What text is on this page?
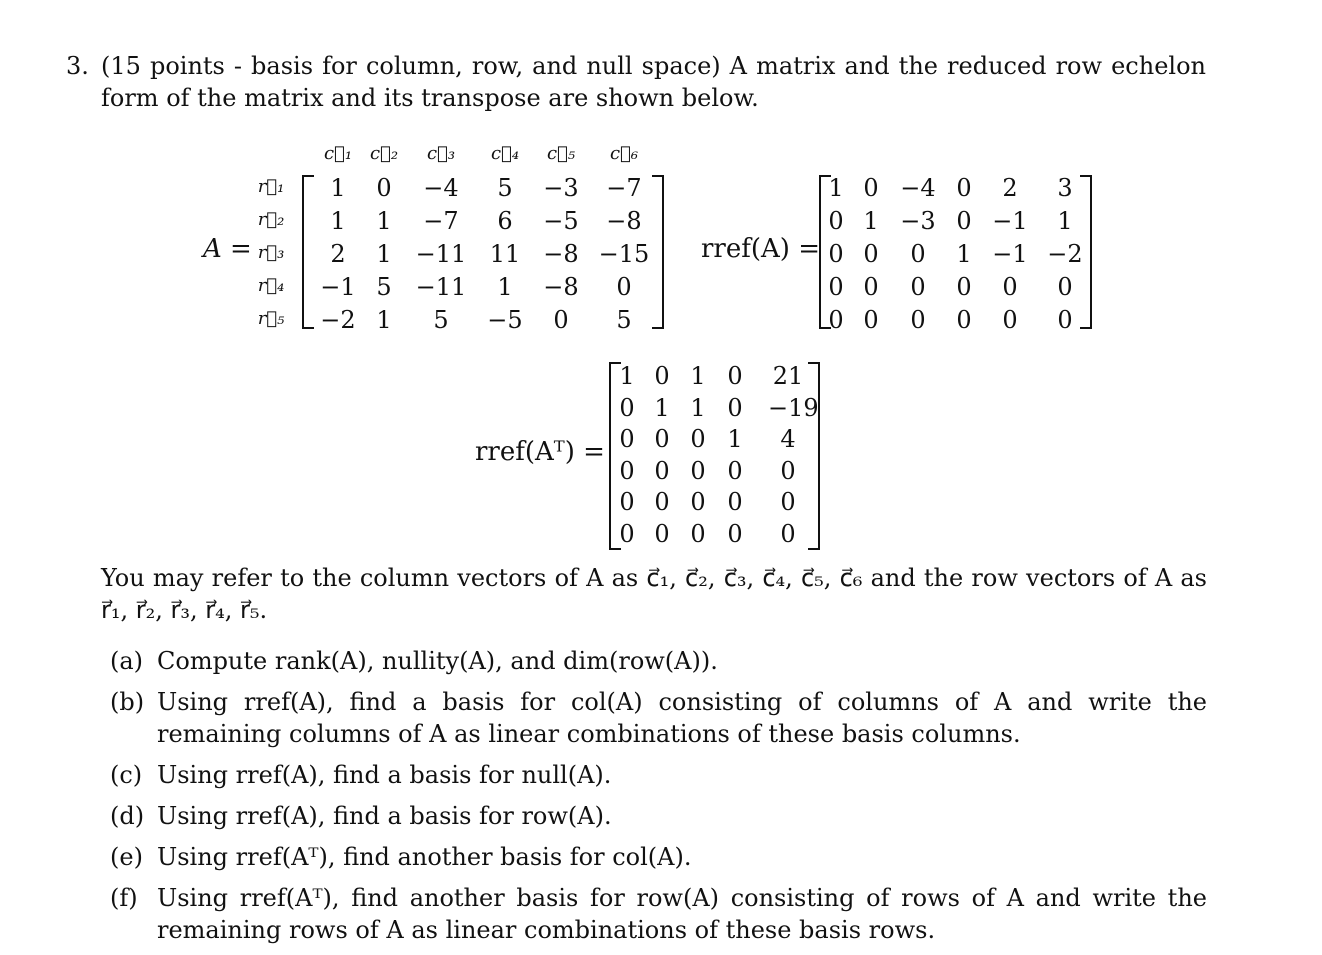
3. (15 points - basis for column, row, and null space) A matrix and the reduced row echelon form of the matrix and its transpose are shown below.
A =
c⃗₁ c⃗₂	c⃗₃	c⃗₄	c⃗₅	c⃗₆
r⃗₁
r⃗₂
r⃗₃
r⃗₄
r⃗₅
1	0	−4	5	−3	−7
1	1	−7	6	−5	−8
2	1	−11 11 −8 −15
−1 5	−11	1	−8	0
−2 1	5	−5	0	5
rref(A) =
1 0 −4 0	2	3
0 1 −3 0 −1	1
0 0	0	1 −1 −2
0 0	0	0	0	0
0 0	0	0	0	0
rref(Aᵀ) =
1 0 1 0	21
0 1 1 0	−19
0 0 0 1	4
0 0 0 0	0
0 0 0 0	0
0 0 0 0	0
You may refer to the column vectors of A as c⃗₁, c⃗₂, c⃗₃, c⃗₄, c⃗₅, c⃗₆ and the row vectors of A as r⃗₁, r⃗₂, r⃗₃, r⃗₄, r⃗₅.
(a) Compute rank(A), nullity(A), and dim(row(A)).
(b) Using rref(A), find a basis for col(A) consisting of columns of A and write the remaining columns of A as linear combinations of these basis columns.
(c) Using rref(A), find a basis for null(A).
(d) Using rref(A), find a basis for row(A).
(e) Using rref(Aᵀ), find another basis for col(A).
(f) Using rref(Aᵀ), find another basis for row(A) consisting of rows of A and write the remaining rows of A as linear combinations of these basis rows.
